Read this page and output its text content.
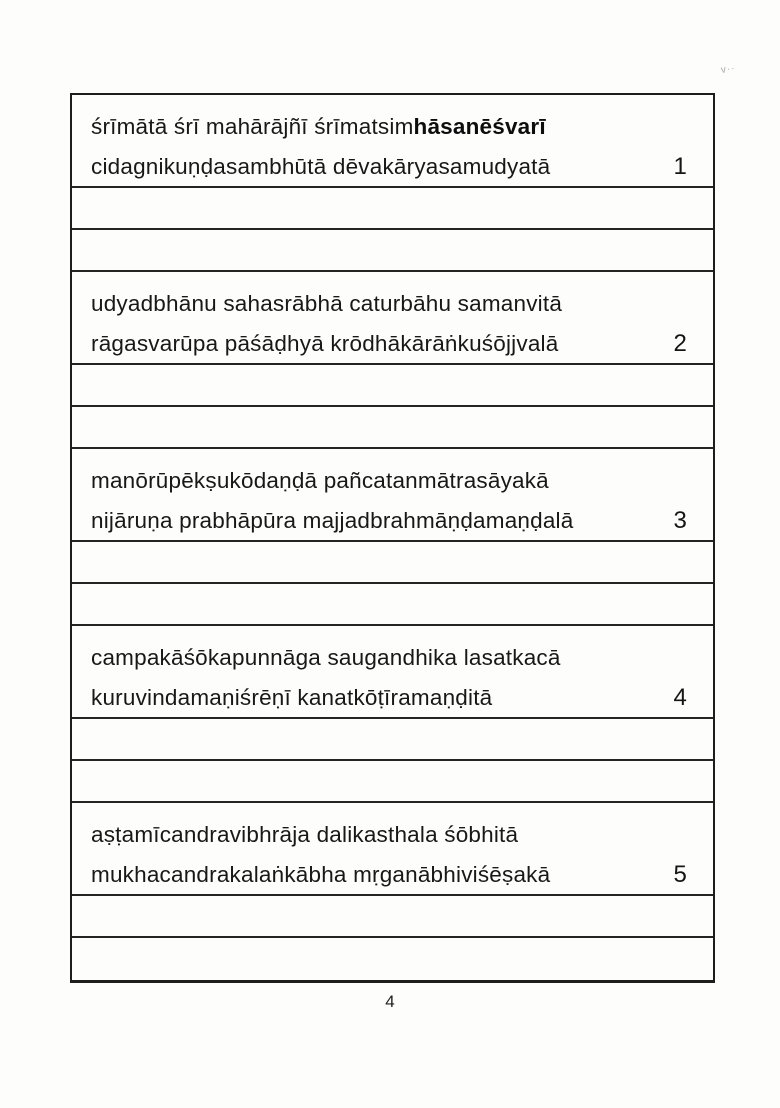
v··
śrīmātā śrī mahārājñī śrīmatsimhāsanēśvarī
cidagnikuṇḍasambhūtā dēvakāryasamudyatā	1
udyadbhānu sahasrābhā caturbāhu samanvitā
rāgasvarūpa pāśāḍhyā krōdhākārāṅkuśōjjvalā	2
manōrūpēkṣukōdaṇḍā pañcatanmātrasāyakā
nijāruṇa prabhāpūra majjadbrahmāṇḍamaṇḍalā	3
campakāśōkapunnāga saugandhika lasatkacā
kuruvindamaṇiśrēṇī kanatkōṭīramaṇḍitā	4
aṣṭamīcandravibhrāja dalikasthala śōbhitā
mukhacandrakalaṅkābha mṛganābhiviśēṣakā	5
4
